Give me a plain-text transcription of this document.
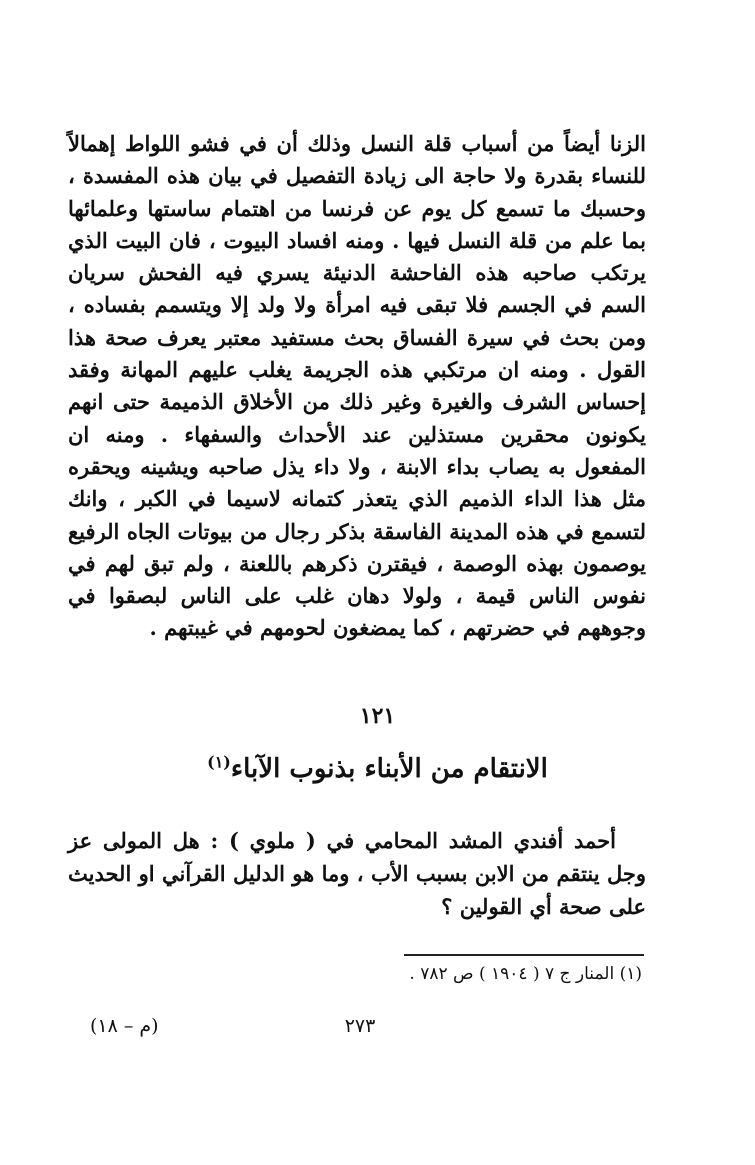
الزنا أيضاً من أسباب قلة النسل وذلك أن في فشو اللواط إهمالاً للنساء بقدرة ولا حاجة الى زيادة التفصيل في بيان هذه المفسدة ، وحسبك ما تسمع كل يوم عن فرنسا من اهتمام ساستها وعلمائها بما علم من قلة النسل فيها . ومنه افساد البيوت ، فان البيت الذي يرتكب صاحبه هذه الفاحشة الدنيئة يسري فيه الفحش سريان السم في الجسم فلا تبقى فيه امرأة ولا ولد إلا ويتسمم بفساده ، ومن بحث في سيرة الفساق بحث مستفيد معتبر يعرف صحة هذا القول . ومنه ان مرتكبي هذه الجريمة يغلب عليهم المهانة وفقد إحساس الشرف والغيرة وغير ذلك من الأخلاق الذميمة حتى انهم يكونون محقرين مستذلين عند الأحداث والسفهاء . ومنه ان المفعول به يصاب بداء الابنة ، ولا داء يذل صاحبه ويشينه ويحقره مثل هذا الداء الذميم الذي يتعذر كتمانه لاسيما في الكبر ، وانك لتسمع في هذه المدينة الفاسقة بذكر رجال من بيوتات الجاه الرفيع يوصمون بهذه الوصمة ، فيقترن ذكرهم باللعنة ، ولم تبق لهم في نفوس الناس قيمة ، ولولا دهان غلب على الناس لبصقوا في وجوههم في حضرتهم ، كما يمضغون لحومهم في غيبتهم .

١٢١
الانتقام من الأبناء بذنوب الآباء$^{(١)}$

أحمد أفندي المشد المحامي في ( ملوي ) : هل المولى عز وجل ينتقم من الابن بسبب الأب ، وما هو الدليل القرآني او الحديث على صحة أي القولين ؟

(١) المنار ج ٧ ( ١٩٠٤ ) ص ٧٨٢ .
٢٧٣
(م – ١٨)
